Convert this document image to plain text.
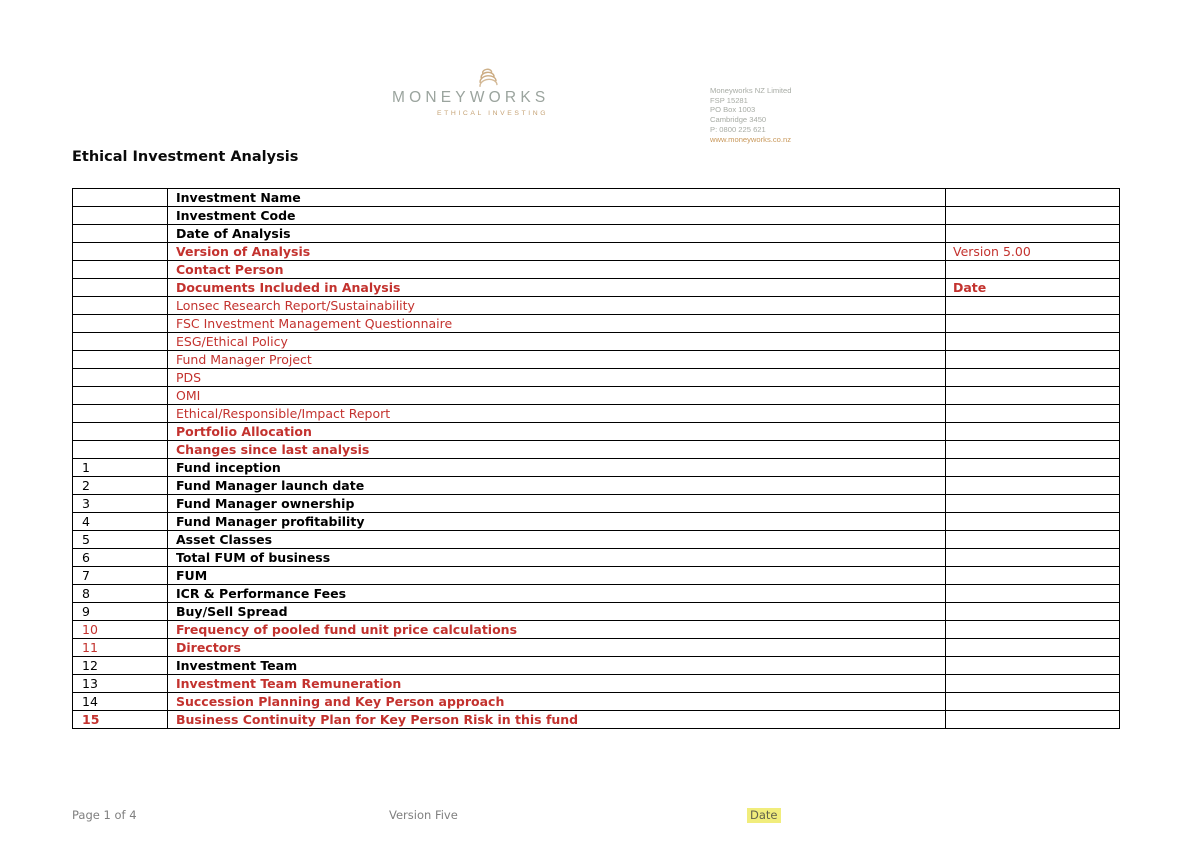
MONEYWORKS
ETHICAL INVESTING
Moneyworks NZ Limited
FSP 15281
PO Box 1003
Cambridge 3450
P: 0800 225 621
www.moneyworks.co.nz
Ethical Investment Analysis
	Investment Name	
	Investment Code	
	Date of Analysis	
	Version of Analysis	Version 5.00
	Contact Person	
	Documents Included in Analysis	Date
	Lonsec Research Report/Sustainability	
	FSC Investment Management Questionnaire	
	ESG/Ethical Policy	
	Fund Manager Project	
	PDS	
	OMI	
	Ethical/Responsible/Impact Report	
	Portfolio Allocation	
	Changes since last analysis	
1	Fund inception	
2	Fund Manager launch date	
3	Fund Manager ownership	
4	Fund Manager profitability	
5	Asset Classes	
6	Total FUM of business	
7	FUM	
8	ICR & Performance Fees	
9	Buy/Sell Spread	
10	Frequency of pooled fund unit price calculations	
11	Directors	
12	Investment Team	
13	Investment Team Remuneration	
14	Succession Planning and Key Person approach	
15	Business Continuity Plan for Key Person Risk in this fund	
Page 1 of 4	Version Five	Date
